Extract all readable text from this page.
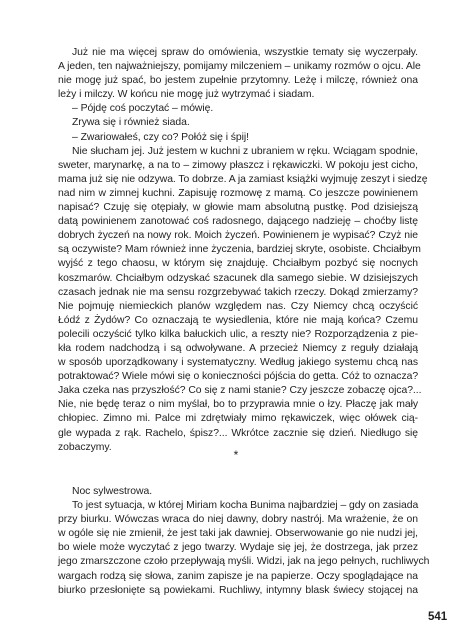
Już nie ma więcej spraw do omówienia, wszystkie tematy się wyczerpały.
A jeden, ten najważniejszy, pomijamy milczeniem – unikamy rozmów o ojcu. Ale
nie mogę już spać, bo jestem zupełnie przytomny. Leżę i milczę, również ona
leży i milczy. W końcu nie mogę już wytrzymać i siadam.
– Pójdę coś poczytać – mówię.
Zrywa się i również siada.
– Zwariowałeś, czy co? Połóż się i śpij!
Nie słucham jej. Już jestem w kuchni z ubraniem w ręku. Wciągam spodnie,
sweter, marynarkę, a na to – zimowy płaszcz i rękawiczki. W pokoju jest cicho,
mama już się nie odzywa. To dobrze. A ja zamiast książki wyjmuję zeszyt i siedzę
nad nim w zimnej kuchni. Zapisuję rozmowę z mamą. Co jeszcze powinienem
napisać? Czuję się otępiały, w głowie mam absolutną pustkę. Pod dzisiejszą
datą powinienem zanotować coś radosnego, dającego nadzieję – choćby listę
dobrych życzeń na nowy rok. Moich życzeń. Powinienem je wypisać? Czyż nie
są oczywiste? Mam również inne życzenia, bardziej skryte, osobiste. Chciałbym
wyjść z tego chaosu, w którym się znajduję. Chciałbym pozbyć się nocnych
koszmarów. Chciałbym odzyskać szacunek dla samego siebie. W dzisiejszych
czasach jednak nie ma sensu rozgrzebywać takich rzeczy. Dokąd zmierzamy?
Nie pojmuję niemieckich planów względem nas. Czy Niemcy chcą oczyścić
Łódź z Żydów? Co oznaczają te wysiedlenia, które nie mają końca? Czemu
polecili oczyścić tylko kilka bałuckich ulic, a reszty nie? Rozporządzenia z pie-
kła rodem nadchodzą i są odwoływane. A przecież Niemcy z reguły działają
w sposób uporządkowany i systematyczny. Według jakiego systemu chcą nas
potraktować? Wiele mówi się o konieczności pójścia do getta. Cóż to oznacza?
Jaka czeka nas przyszłość? Co się z nami stanie? Czy jeszcze zobaczę ojca?...
Nie, nie będę teraz o nim myślał, bo to przyprawia mnie o łzy. Płaczę jak mały
chłopiec. Zimno mi. Palce mi zdrętwiały mimo rękawiczek, więc ołówek cią-
gle wypada z rąk. Rachelo, śpisz?... Wkrótce zacznie się dzień. Niedługo się
zobaczymy.
*
Noc sylwestrowa.
To jest sytuacja, w której Miriam kocha Bunima najbardziej – gdy on zasiada
przy biurku. Wówczas wraca do niej dawny, dobry nastrój. Ma wrażenie, że on
w ogóle się nie zmienił, że jest taki jak dawniej. Obserwowanie go nie nudzi jej,
bo wiele może wyczytać z jego twarzy. Wydaje się jej, że dostrzega, jak przez
jego zmarszczone czoło przepływają myśli. Widzi, jak na jego pełnych, ruchliwych
wargach rodzą się słowa, zanim zapisze je na papierze. Oczy spoglądające na
biurko przesłonięte są powiekami. Ruchliwy, intymny blask świecy stojącej na
541
